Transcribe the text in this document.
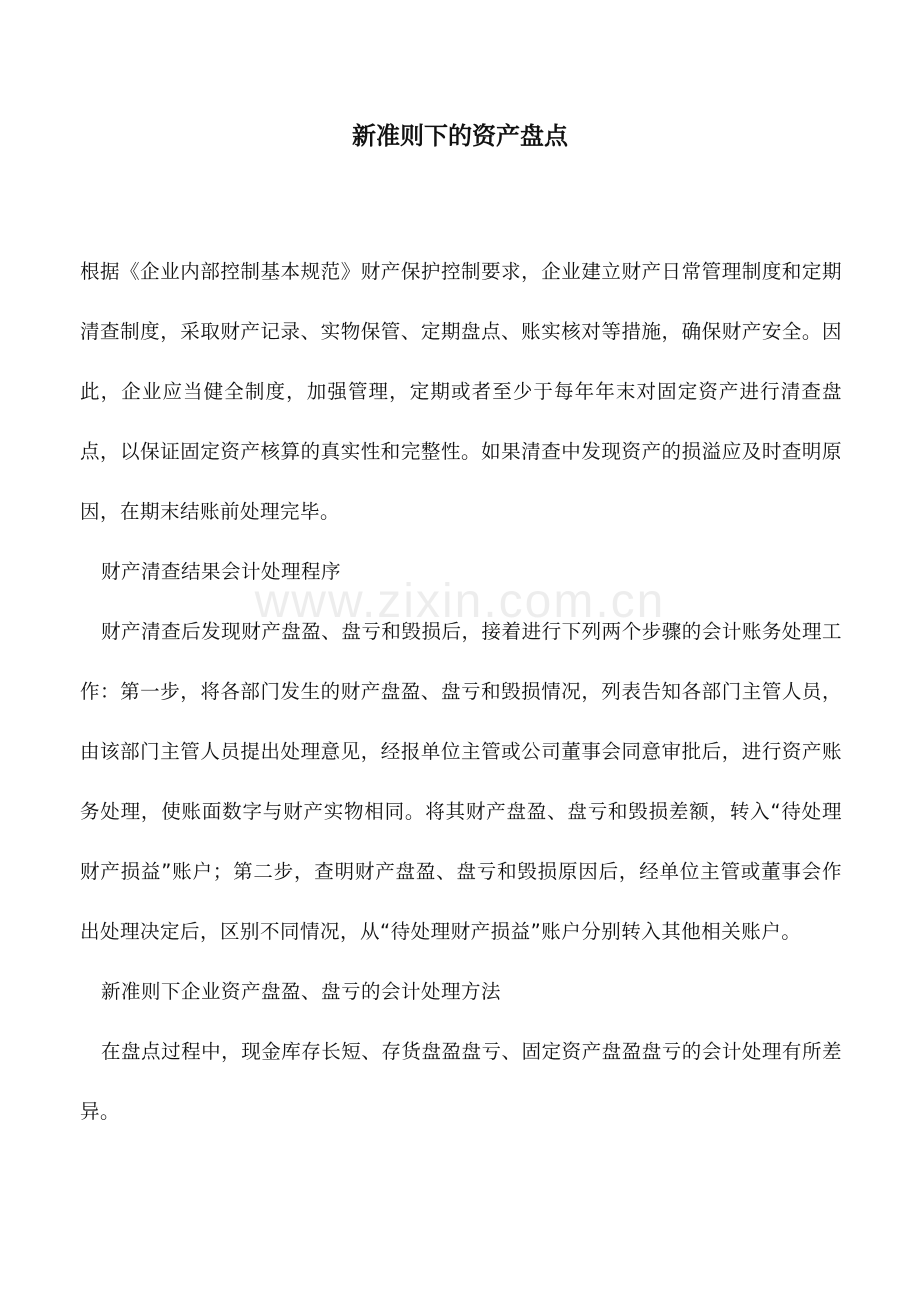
新准则下的资产盘点

根据《企业内部控制基本规范》财产保护控制要求，企业建立财产日常管理制度和定期清查制度，采取财产记录、实物保管、定期盘点、账实核对等措施，确保财产安全。因此，企业应当健全制度，加强管理，定期或者至少于每年年末对固定资产进行清查盘点，以保证固定资产核算的真实性和完整性。如果清查中发现资产的损溢应及时查明原因，在期末结账前处理完毕。

财产清查结果会计处理程序

财产清查后发现财产盘盈、盘亏和毁损后，接着进行下列两个步骤的会计账务处理工作：第一步，将各部门发生的财产盘盈、盘亏和毁损情况，列表告知各部门主管人员，由该部门主管人员提出处理意见，经报单位主管或公司董事会同意审批后，进行资产账务处理，使账面数字与财产实物相同。将其财产盘盈、盘亏和毁损差额，转入“待处理财产损益”账户；第二步，查明财产盘盈、盘亏和毁损原因后，经单位主管或董事会作出处理决定后，区别不同情况，从“待处理财产损益”账户分别转入其他相关账户。

新准则下企业资产盘盈、盘亏的会计处理方法

在盘点过程中，现金库存长短、存货盘盈盘亏、固定资产盘盈盘亏的会计处理有所差异。

www.zixin.com.cn
